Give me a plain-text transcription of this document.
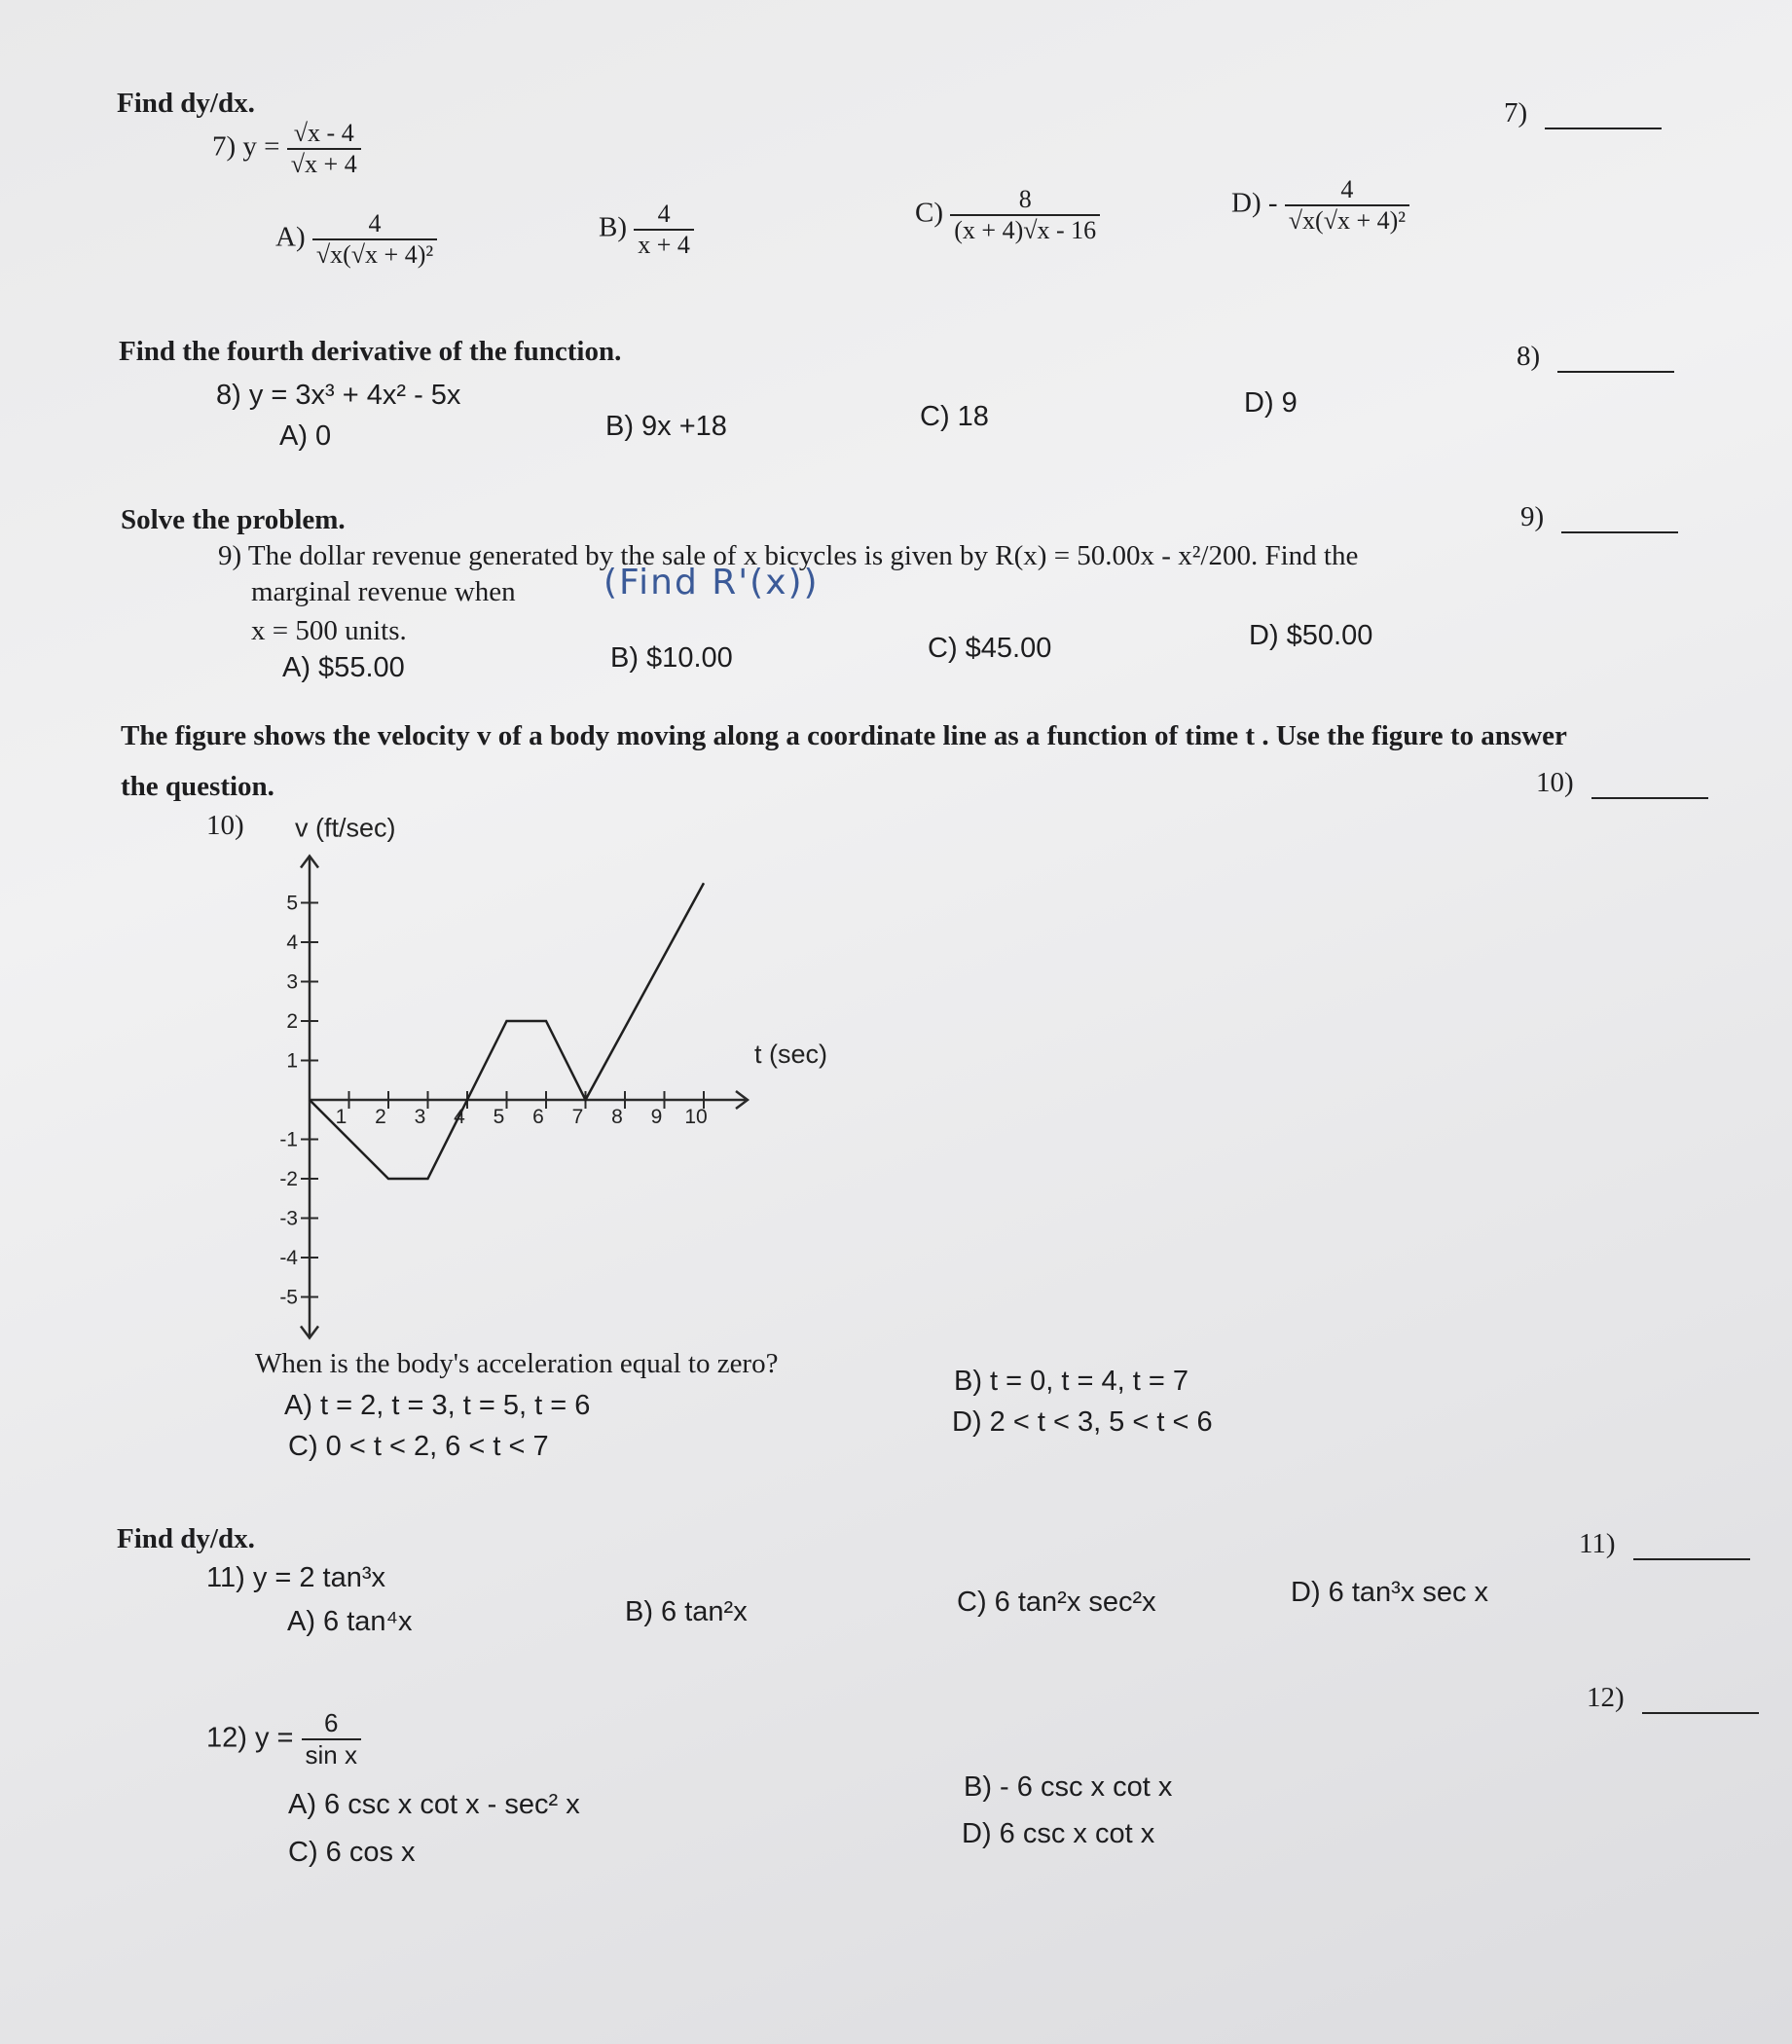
Find dy/dx.
7) $y = \frac{√x - 4}{√x + 4}$
7)
$A) \frac{4}{\text{√x(√x + 4)²}}$	$B) \frac{4}{x + 4}$	$C) \frac{8}{(x + 4)√x - 16}$	$D) - \frac{4}{\text{√x(√x + 4)²}}$
Find the fourth derivative of the function.
8) y = 3x³ + 4x² - 5x
8)
A) 0	B) 9x +18	C) 18	D) 9
Solve the problem.
9) The dollar revenue generated by the sale of x bicycles is given by R(x) = 50.00x - x²/200. Find the
9)
marginal revenue when	(Find R'(x))
x = 500 units.
A) $55.00	B) $10.00	C) $45.00	D) $50.00
The figure shows the velocity v of a body moving along a coordinate line as a function of time t . Use the figure to answer
the question.	10)
10)
1 2 3 4 5 6 7 8 9 10
5
4
3
2
1
-1
-2
-3
-4
-5
v (ft/sec)
t (sec)
When is the body's acceleration equal to zero?
A) t = 2, t = 3, t = 5, t = 6
B) t = 0, t = 4, t = 7
C) 0 < t < 2, 6 < t < 7
D) 2 < t < 3, 5 < t < 6
Find dy/dx.
11) y = 2 tan³x
11)
A) 6 tan⁴x	B) 6 tan²x	C) 6 tan²x sec²x	D) 6 tan³x sec x
12) $y = \frac{6}{\text{sin x}}$
12)
A) 6 csc x cot x - sec² x
B) - 6 csc x cot x
C) 6 cos x
D) 6 csc x cot x
